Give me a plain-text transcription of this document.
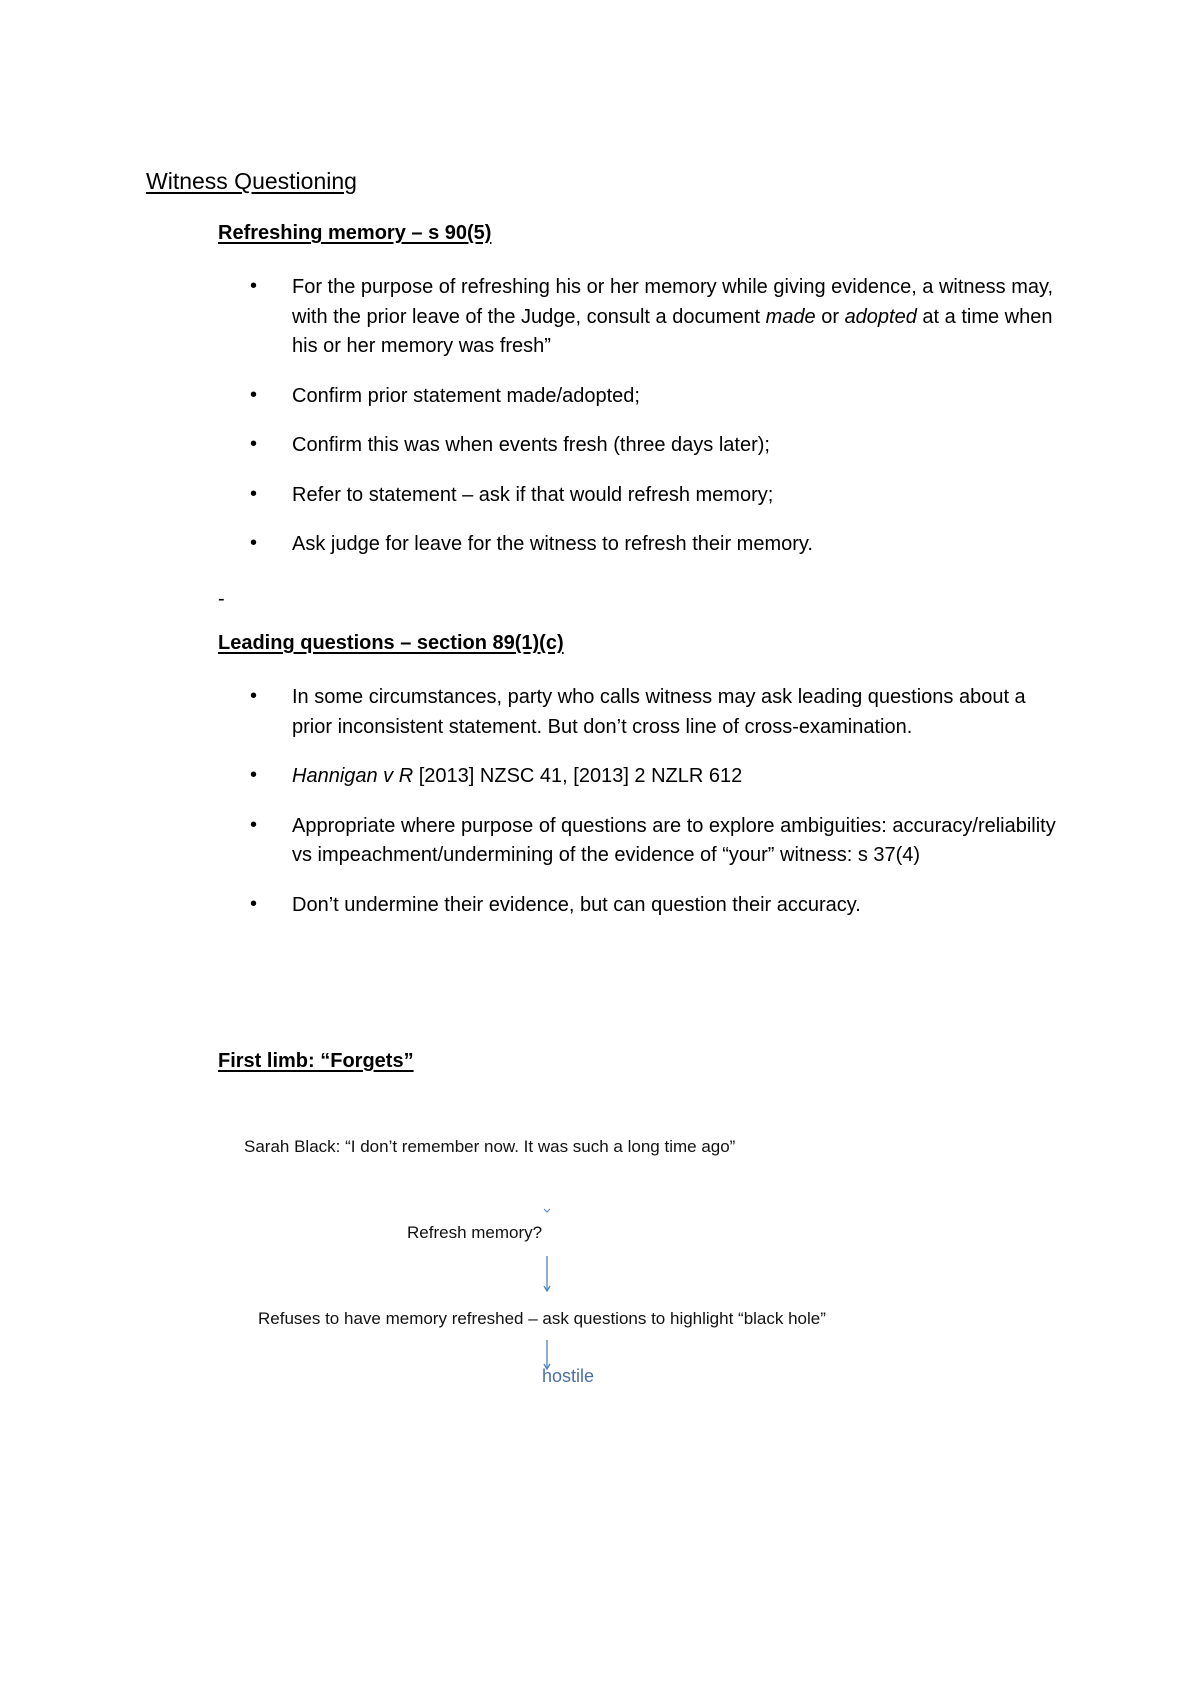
Witness Questioning
Refreshing memory – s 90(5)
• For the purpose of refreshing his or her memory while giving evidence, a witness may, with the prior leave of the Judge, consult a document made or adopted at a time when his or her memory was fresh”
• Confirm prior statement made/adopted;
• Confirm this was when events fresh (three days later);
• Refer to statement – ask if that would refresh memory;
• Ask judge for leave for the witness to refresh their memory.
-
Leading questions – section 89(1)(c)
• In some circumstances, party who calls witness may ask leading questions about a prior inconsistent statement. But don’t cross line of cross-examination.
• Hannigan v R [2013] NZSC 41, [2013] 2 NZLR 612
• Appropriate where purpose of questions are to explore ambiguities: accuracy/reliability vs impeachment/undermining of the evidence of “your” witness: s 37(4)
• Don’t undermine their evidence, but can question their accuracy.
First limb: “Forgets”
Sarah Black: “I don’t remember now. It was such a long time ago”
Refresh memory?
Refuses to have memory refreshed – ask questions to highlight “black hole”
hostile
